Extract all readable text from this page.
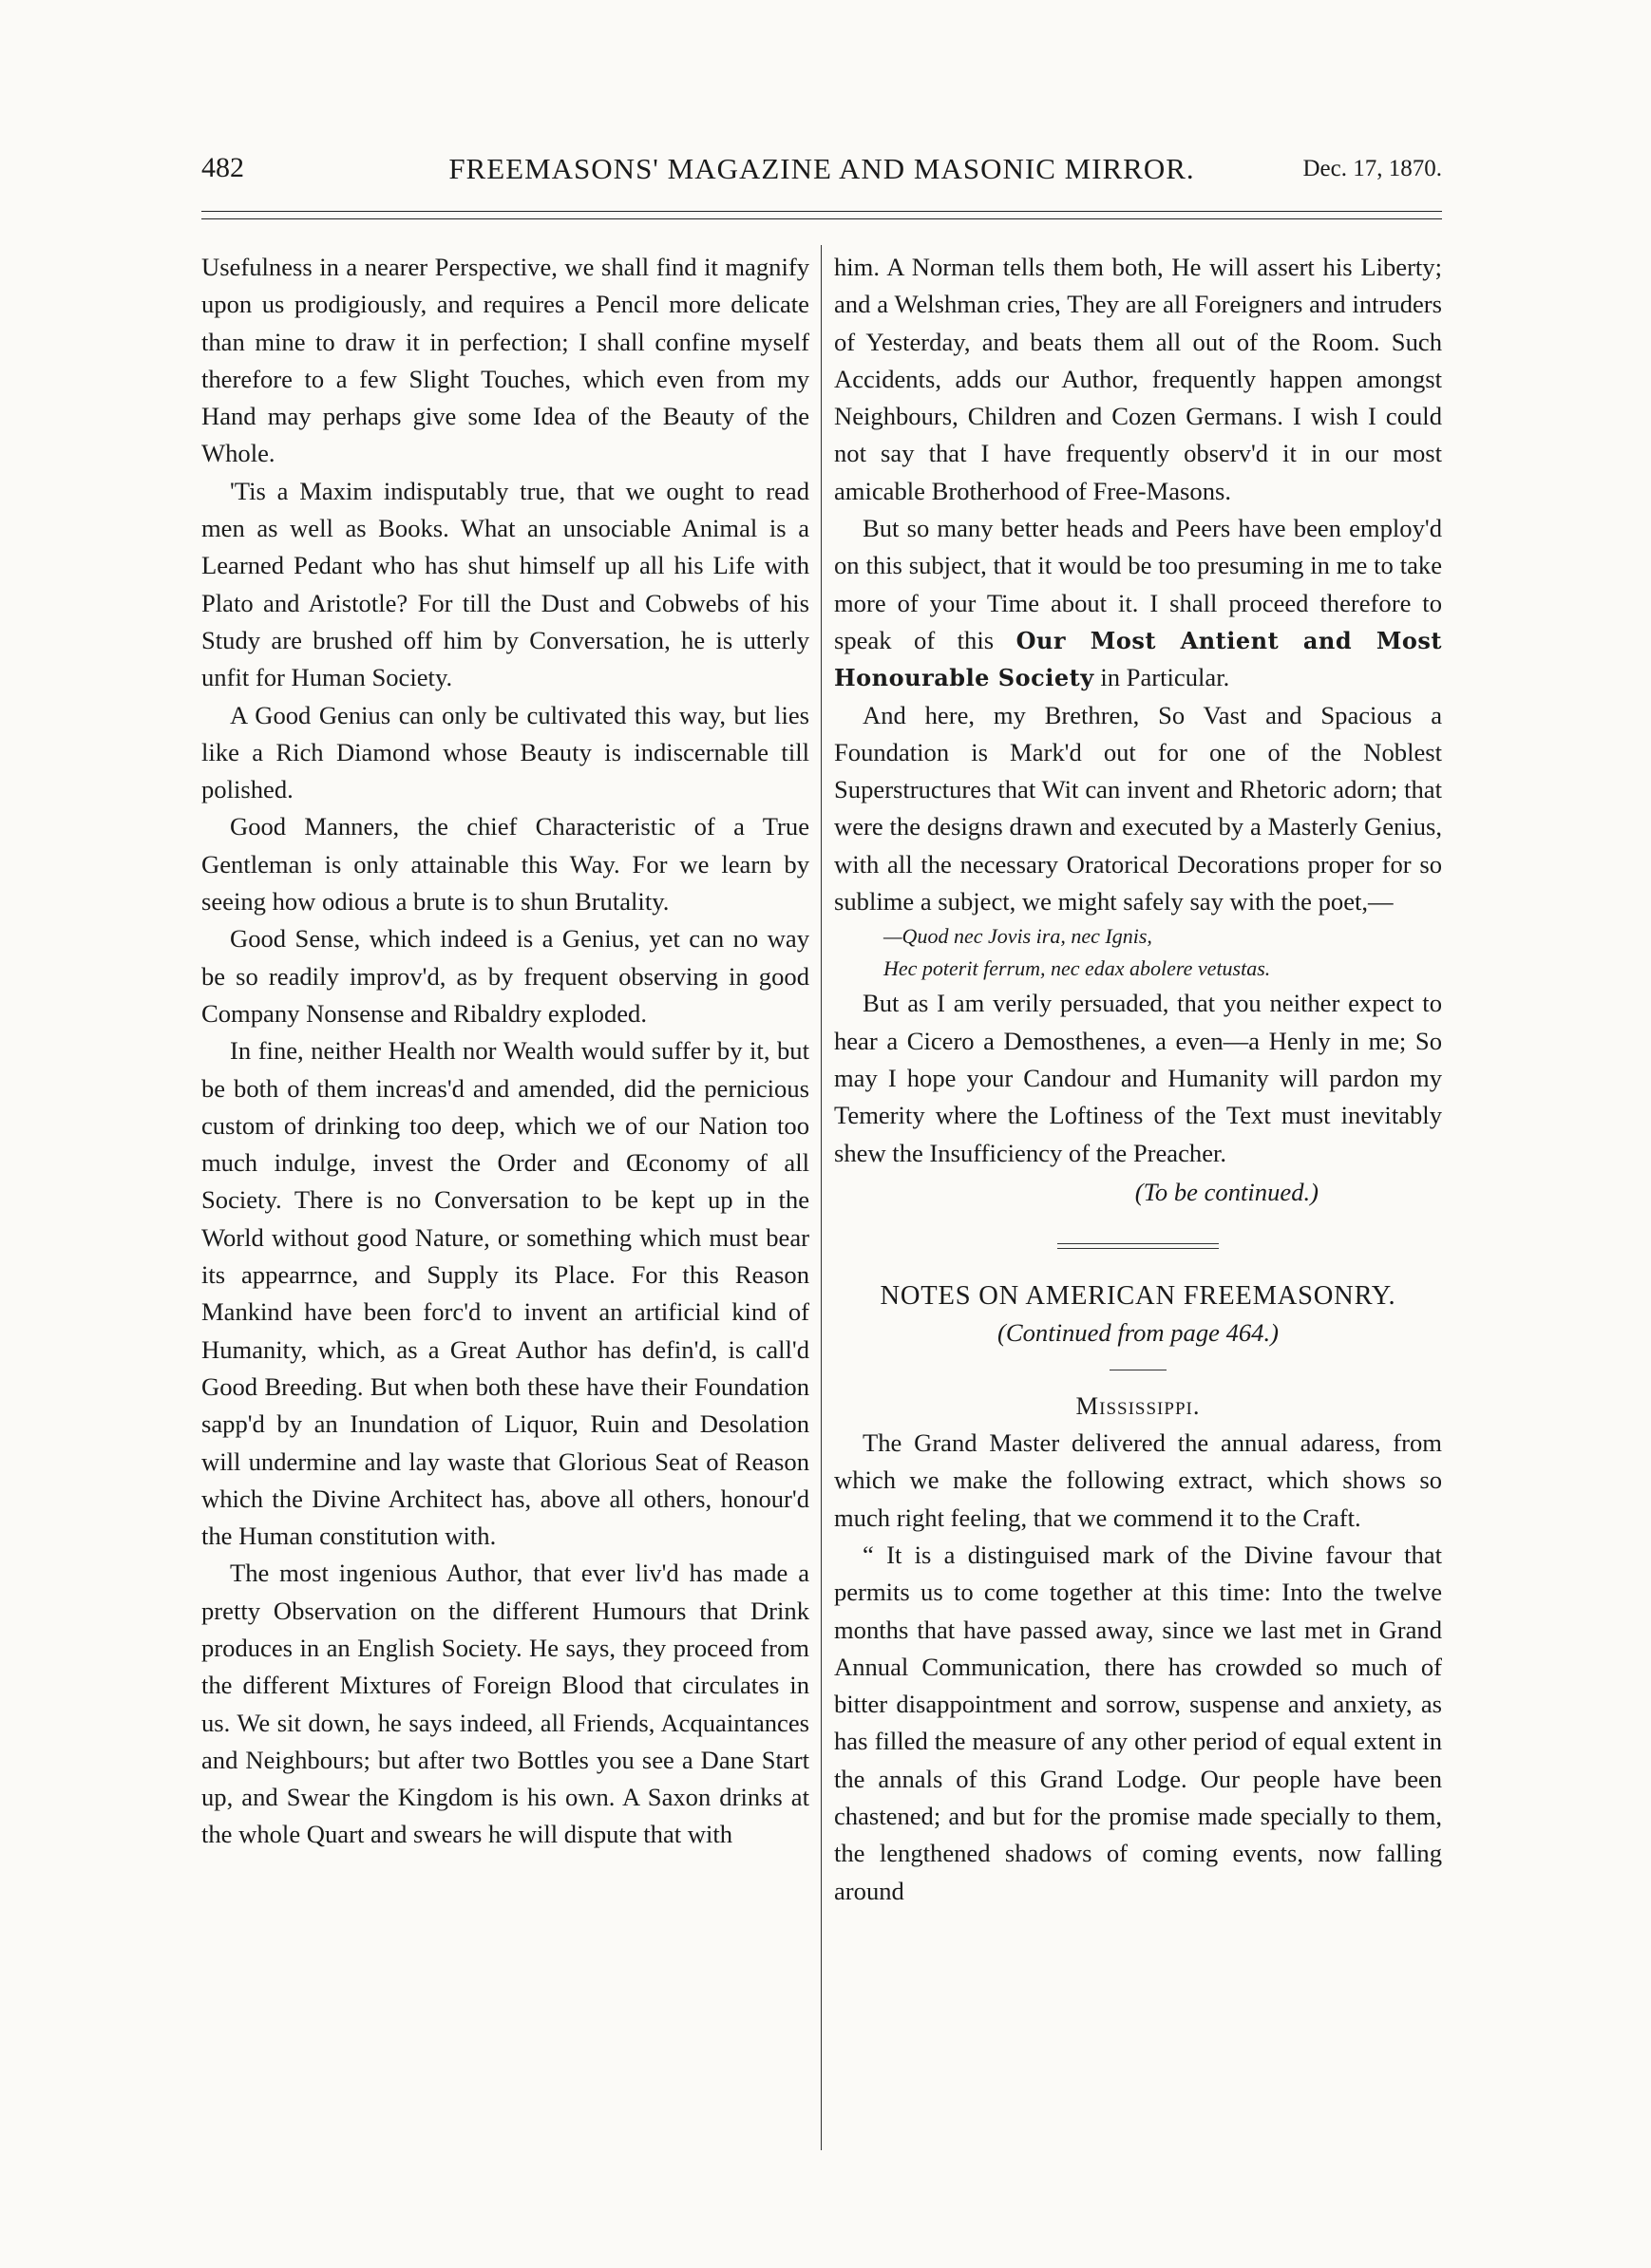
482	FREEMASONS' MAGAZINE AND MASONIC MIRROR.	Dec. 17, 1870.

Usefulness in a nearer Perspective, we shall find it magnify upon us prodigiously, and requires a Pencil more delicate than mine to draw it in perfection; I shall confine myself therefore to a few Slight Touches, which even from my Hand may perhaps give some Idea of the Beauty of the Whole.

'Tis a Maxim indisputably true, that we ought to read men as well as Books. What an unsociable Animal is a Learned Pedant who has shut himself up all his Life with Plato and Aristotle? For till the Dust and Cobwebs of his Study are brushed off him by Conversation, he is utterly unfit for Human Society.

A Good Genius can only be cultivated this way, but lies like a Rich Diamond whose Beauty is indiscernable till polished.

Good Manners, the chief Characteristic of a True Gentleman is only attainable this Way. For we learn by seeing how odious a brute is to shun Brutality.

Good Sense, which indeed is a Genius, yet can no way be so readily improv'd, as by frequent observing in good Company Nonsense and Ribaldry exploded.

In fine, neither Health nor Wealth would suffer by it, but be both of them increas'd and amended, did the pernicious custom of drinking too deep, which we of our Nation too much indulge, invest the Order and Œconomy of all Society. There is no Conversation to be kept up in the World without good Nature, or something which must bear its appearrnce, and Supply its Place. For this Reason Mankind have been forc'd to invent an artificial kind of Humanity, which, as a Great Author has defin'd, is call'd Good Breeding. But when both these have their Foundation sapp'd by an Inundation of Liquor, Ruin and Desolation will undermine and lay waste that Glorious Seat of Reason which the Divine Architect has, above all others, honour'd the Human constitution with.

The most ingenious Author, that ever liv'd has made a pretty Observation on the different Humours that Drink produces in an English Society. He says, they proceed from the different Mixtures of Foreign Blood that circulates in us. We sit down, he says indeed, all Friends, Acquaintances and Neighbours; but after two Bottles you see a Dane Start up, and Swear the Kingdom is his own. A Saxon drinks at the whole Quart and swears he will dispute that with

him. A Norman tells them both, He will assert his Liberty; and a Welshman cries, They are all Foreigners and intruders of Yesterday, and beats them all out of the Room. Such Accidents, adds our Author, frequently happen amongst Neighbours, Children and Cozen Germans. I wish I could not say that I have frequently observ'd it in our most amicable Brotherhood of Free-Masons.

But so many better heads and Peers have been employ'd on this subject, that it would be too presuming in me to take more of your Time about it. I shall proceed therefore to speak of this Our Most Antient and Most Honourable Society in Particular.

And here, my Brethren, So Vast and Spacious a Foundation is Mark'd out for one of the Noblest Superstructures that Wit can invent and Rhetoric adorn; that were the designs drawn and executed by a Masterly Genius, with all the necessary Oratorical Decorations proper for so sublime a subject, we might safely say with the poet,—

—Quod nec Jovis ira, nec Ignis,
Hec poterit ferrum, nec edax abolere vetustas.

But as I am verily persuaded, that you neither expect to hear a Cicero a Demosthenes, a even—a Henly in me; So may I hope your Candour and Humanity will pardon my Temerity where the Loftiness of the Text must inevitably shew the Insufficiency of the Preacher.

(To be continued.)
NOTES ON AMERICAN FREEMASONRY.
(Continued from page 464.)
Mississippi.

The Grand Master delivered the annual adaress, from which we make the following extract, which shows so much right feeling, that we commend it to the Craft.

“ It is a distinguised mark of the Divine favour that permits us to come together at this time: Into the twelve months that have passed away, since we last met in Grand Annual Communication, there has crowded so much of bitter disappointment and sorrow, suspense and anxiety, as has filled the measure of any other period of equal extent in the annals of this Grand Lodge. Our people have been chastened; and but for the promise made specially to them, the lengthened shadows of coming events, now falling around
